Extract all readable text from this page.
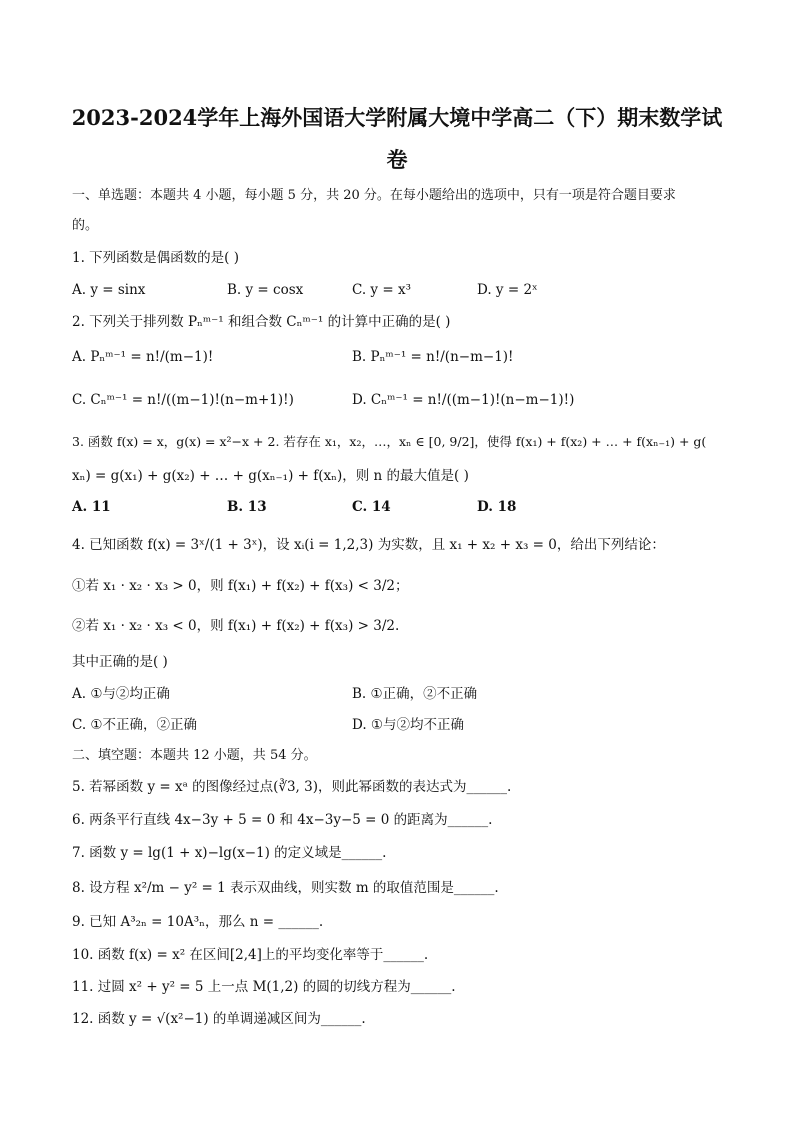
2023-2024学年上海外国语大学附属大境中学高二（下）期末数学试
卷
一、单选题：本题共 4 小题，每小题 5 分，共 20 分。在每小题给出的选项中，只有一项是符合题目要求
的。
1. 下列函数是偶函数的是( )
A. y = sinx	B. y = cosx	C. y = x³	D. y = 2ˣ
2. 下列关于排列数 Pₙᵐ⁻¹ 和组合数 Cₙᵐ⁻¹ 的计算中正确的是( )
A. Pₙᵐ⁻¹ = n!/(m−1)!	B. Pₙᵐ⁻¹ = n!/(n−m−1)!
C. Cₙᵐ⁻¹ = n!/((m−1)!(n−m+1)!)	D. Cₙᵐ⁻¹ = n!/((m−1)!(n−m−1)!)
3. 函数 f(x) = x，g(x) = x²−x + 2. 若存在 x₁，x₂，…，xₙ ∈ [0, 9/2]，使得 f(x₁) + f(x₂) + … + f(xₙ₋₁) + g(
xₙ) = g(x₁) + g(x₂) + … + g(xₙ₋₁) + f(xₙ)，则 n 的最大值是( )
A. 11	B. 13	C. 14	D. 18
4. 已知函数 f(x) = 3ˣ/(1 + 3ˣ)，设 xᵢ(i = 1,2,3) 为实数，且 x₁ + x₂ + x₃ = 0，给出下列结论：
①若 x₁ · x₂ · x₃ > 0，则 f(x₁) + f(x₂) + f(x₃) < 3/2；
②若 x₁ · x₂ · x₃ < 0，则 f(x₁) + f(x₂) + f(x₃) > 3/2.
其中正确的是( )
A. ①与②均正确	B. ①正确，②不正确
C. ①不正确，②正确	D. ①与②均不正确
二、填空题：本题共 12 小题，共 54 分。
5. 若幂函数 y = xᵃ 的图像经过点(∛3, 3)，则此幂函数的表达式为______.
6. 两条平行直线 4x−3y + 5 = 0 和 4x−3y−5 = 0 的距离为______.
7. 函数 y = lg(1 + x)−lg(x−1) 的定义域是______.
8. 设方程 x²/m − y² = 1 表示双曲线，则实数 m 的取值范围是______.
9. 已知 A³₂ₙ = 10A³ₙ，那么 n = ______.
10. 函数 f(x) = x² 在区间[2,4]上的平均变化率等于______.
11. 过圆 x² + y² = 5 上一点 M(1,2) 的圆的切线方程为______.
12. 函数 y = √(x²−1) 的单调递减区间为______.
